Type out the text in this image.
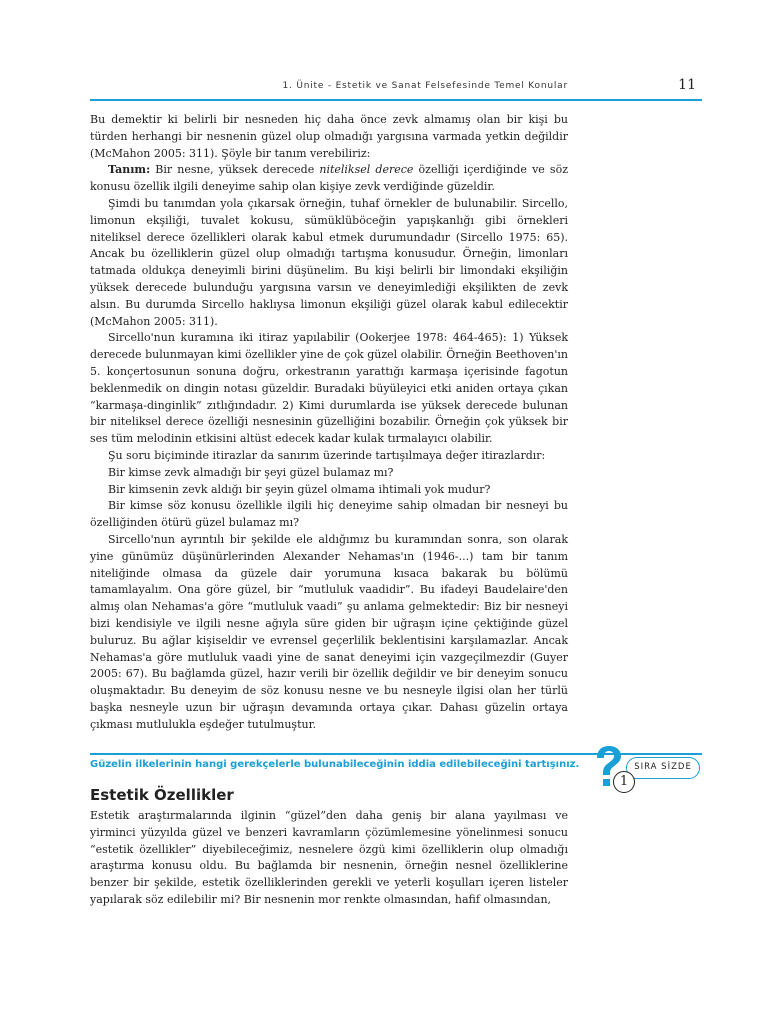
1. Ünite - Estetik ve Sanat Felsefesinde Temel Konular	11

Bu demektir ki belirli bir nesneden hiç daha önce zevk almamış olan bir kişi bu türden herhangi bir nesnenin güzel olup olmadığı yargısına varmada yetkin değildir (McMahon 2005: 311). Şöyle bir tanım verebiliriz:

Tanım: Bir nesne, yüksek derecede niteliksel derece özelliği içerdiğinde ve söz konusu özellik ilgili deneyime sahip olan kişiye zevk verdiğinde güzeldir.

Şimdi bu tanımdan yola çıkarsak örneğin, tuhaf örnekler de bulunabilir. Sircello, limonun ekşiliği, tuvalet kokusu, sümüklüböceğin yapışkanlığı gibi örnekleri niteliksel derece özellikleri olarak kabul etmek durumundadır (Sircello 1975: 65). Ancak bu özelliklerin güzel olup olmadığı tartışma konusudur. Örneğin, limonları tatmada oldukça deneyimli birini düşünelim. Bu kişi belirli bir limondaki ekşiliğin yüksek derecede bulunduğu yargısına varsın ve deneyimlediği ekşilikten de zevk alsın. Bu durumda Sircello haklıysa limonun ekşiliği güzel olarak kabul edilecektir (McMahon 2005: 311).

Sircello'nun kuramına iki itiraz yapılabilir (Ookerjee 1978: 464-465): 1) Yüksek derecede bulunmayan kimi özellikler yine de çok güzel olabilir. Örneğin Beethoven'ın 5. konçertosunun sonuna doğru, orkestranın yarattığı karmaşa içerisinde fagotun beklenmedik on dingin notası güzeldir. Buradaki büyüleyici etki aniden ortaya çıkan “karmaşa-dinginlik” zıtlığındadır. 2) Kimi durumlarda ise yüksek derecede bulunan bir niteliksel derece özelliği nesnesinin güzelliğini bozabilir. Örneğin çok yüksek bir ses tüm melodinin etkisini altüst edecek kadar kulak tırmalayıcı olabilir.

Şu soru biçiminde itirazlar da sanırım üzerinde tartışılmaya değer itirazlardır:

Bir kimse zevk almadığı bir şeyi güzel bulamaz mı?

Bir kimsenin zevk aldığı bir şeyin güzel olmama ihtimali yok mudur?

Bir kimse söz konusu özellikle ilgili hiç deneyime sahip olmadan bir nesneyi bu özelliğinden ötürü güzel bulamaz mı?

Sircello'nun ayrıntılı bir şekilde ele aldığımız bu kuramından sonra, son olarak yine günümüz düşünürlerinden Alexander Nehamas'ın (1946-...) tam bir tanım niteliğinde olmasa da güzele dair yorumuna kısaca bakarak bu bölümü tamamlayalım. Ona göre güzel, bir “mutluluk vaadidir”. Bu ifadeyi Baudelaire'den almış olan Nehamas'a göre “mutluluk vaadi” şu anlama gelmektedir: Biz bir nesneyi bizi kendisiyle ve ilgili nesne ağıyla süre giden bir uğraşın içine çektiğinde güzel buluruz. Bu ağlar kişiseldir ve evrensel geçerlilik beklentisini karşılamazlar. Ancak Nehamas'a göre mutluluk vaadi yine de sanat deneyimi için vazgeçilmezdir (Guyer 2005: 67). Bu bağlamda güzel, hazır verili bir özellik değildir ve bir deneyim sonucu oluşmaktadır. Bu deneyim de söz konusu nesne ve bu nesneyle ilgisi olan her türlü başka nesneyle uzun bir uğraşın devamında ortaya çıkar. Dahası güzelin ortaya çıkması mutlulukla eşdeğer tutulmuştur.

Güzelin ilkelerinin hangi gerekçelerle bulunabileceğinin iddia edilebileceğini tartışınız.	SIRA SİZDE
1
Estetik Özellikler

Estetik araştırmalarında ilginin “güzel”den daha geniş bir alana yayılması ve yirminci yüzyılda güzel ve benzeri kavramların çözümlemesine yönelinmesi sonucu “estetik özellikler” diyebileceğimiz, nesnelere özgü kimi özelliklerin olup olmadığı araştırma konusu oldu. Bu bağlamda bir nesnenin, örneğin nesnel özelliklerine benzer bir şekilde, estetik özelliklerinden gerekli ve yeterli koşulları içeren listeler yapılarak söz edilebilir mi? Bir nesnenin mor renkte olmasından, hafif olmasından,
